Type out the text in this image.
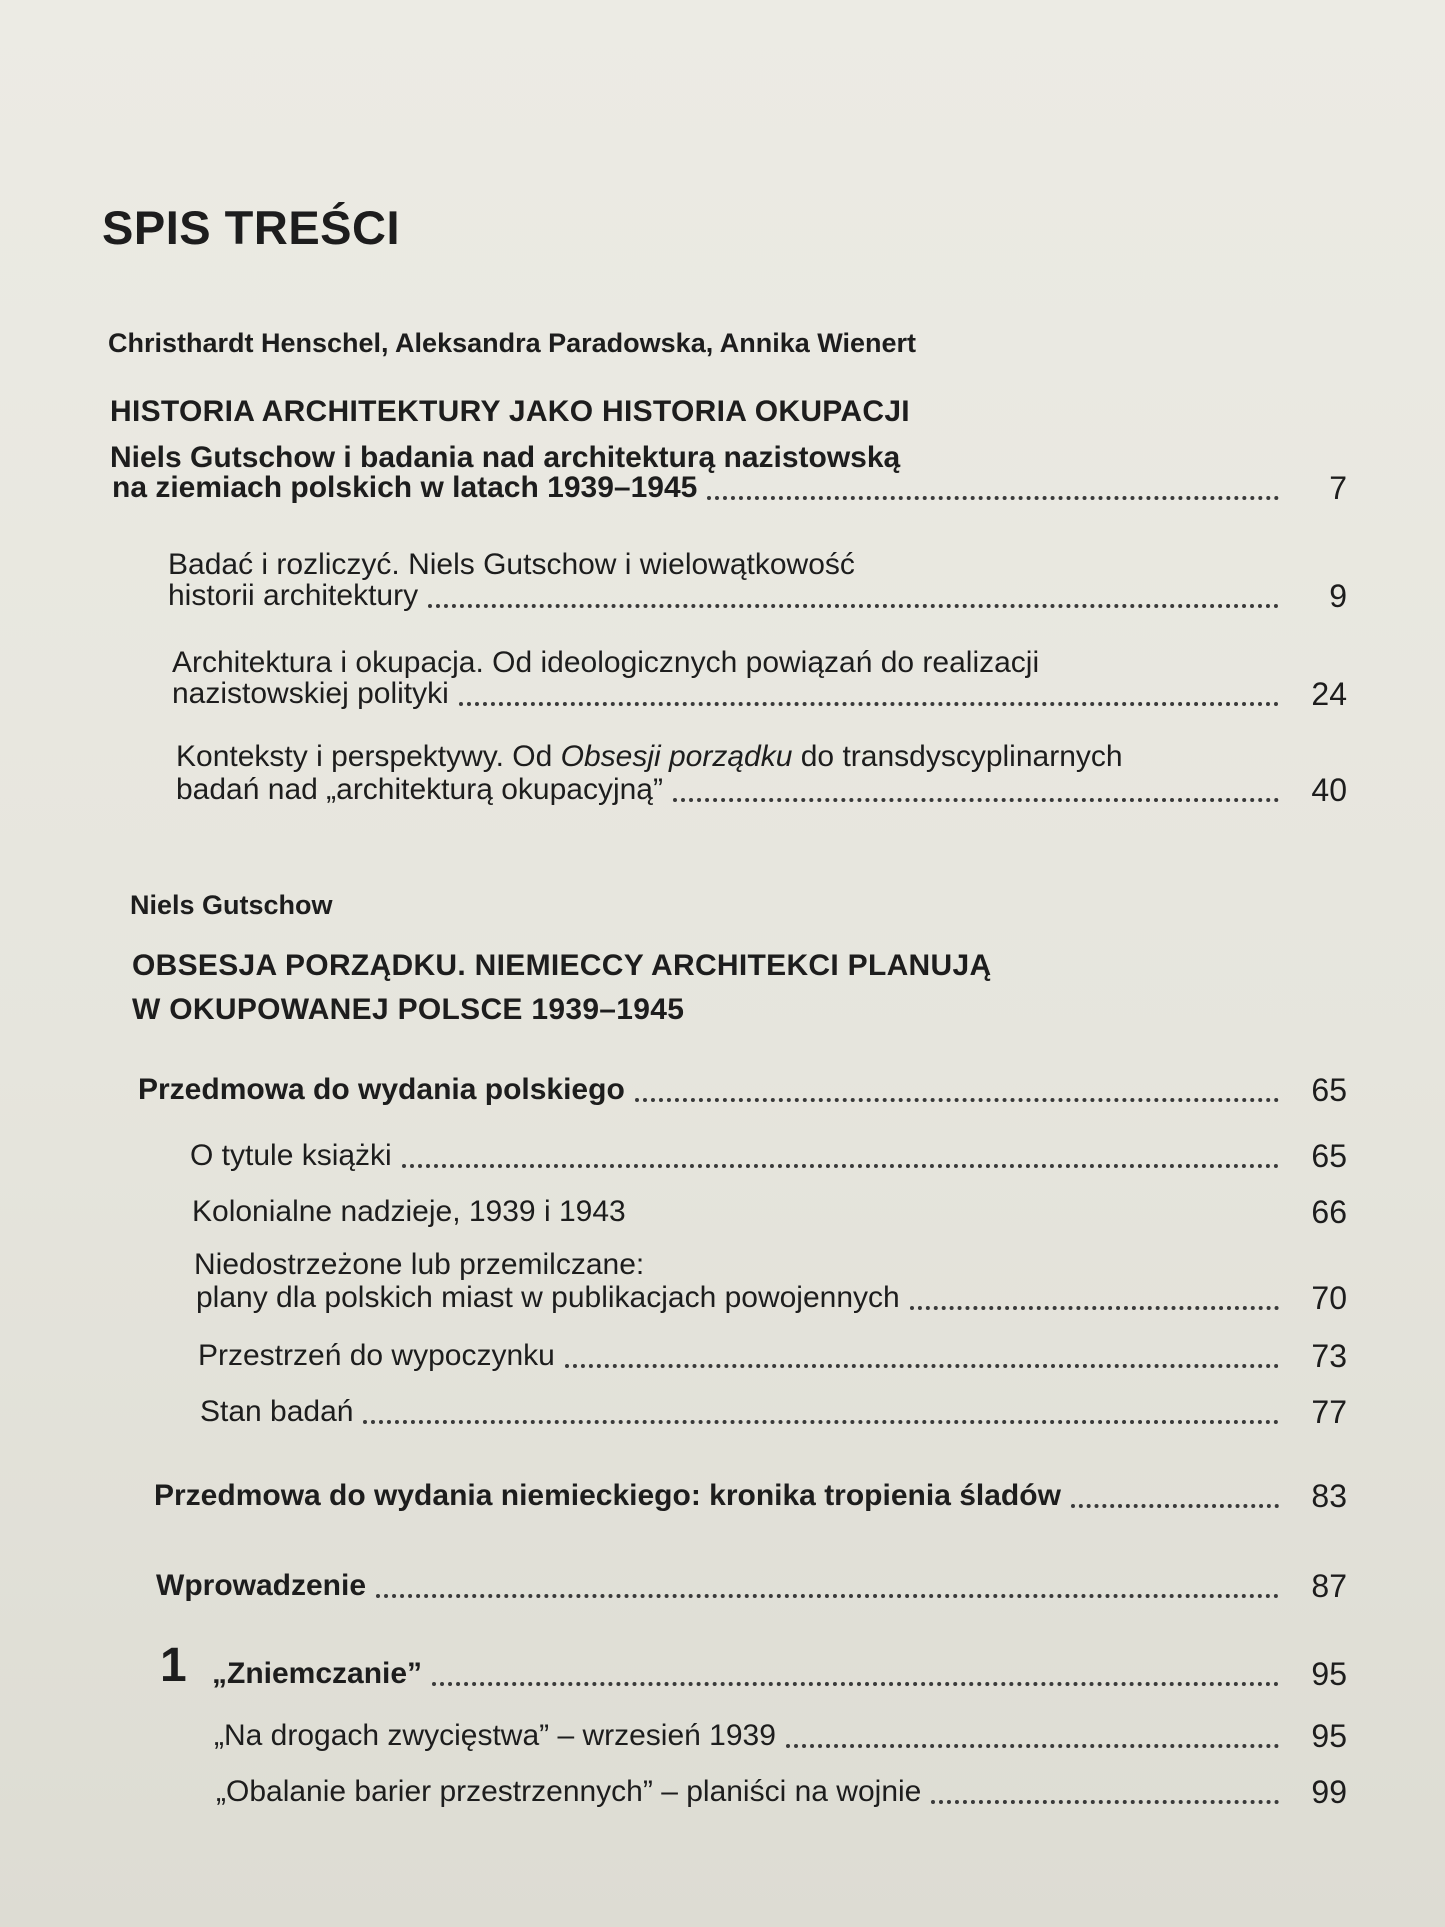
SPIS TREŚCI
Christhardt Henschel, Aleksandra Paradowska, Annika Wienert
HISTORIA ARCHITEKTURY JAKO HISTORIA OKUPACJI
Niels Gutschow i badania nad architekturą nazistowską
na ziemiach polskich w latach 1939–1945	7
Badać i rozliczyć. Niels Gutschow i wielowątkowość
historii architektury	9
Architektura i okupacja. Od ideologicznych powiązań do realizacji
nazistowskiej polityki	24
Konteksty i perspektywy. Od Obsesji porządku do transdyscyplinarnych
badań nad „architekturą okupacyjną”	40
Niels Gutschow
OBSESJA PORZĄDKU. NIEMIECCY ARCHITEKCI PLANUJĄ
W OKUPOWANEJ POLSCE 1939–1945
Przedmowa do wydania polskiego	65
O tytule książki	65
Kolonialne nadzieje, 1939 i 1943	66
Niedostrzeżone lub przemilczane:
plany dla polskich miast w publikacjach powojennych	70
Przestrzeń do wypoczynku	73
Stan badań	77
Przedmowa do wydania niemieckiego: kronika tropienia śladów	83
Wprowadzenie	87
1 „Zniemczanie”	95
„Na drogach zwycięstwa” – wrzesień 1939	95
„Obalanie barier przestrzennych” – planiści na wojnie	99
